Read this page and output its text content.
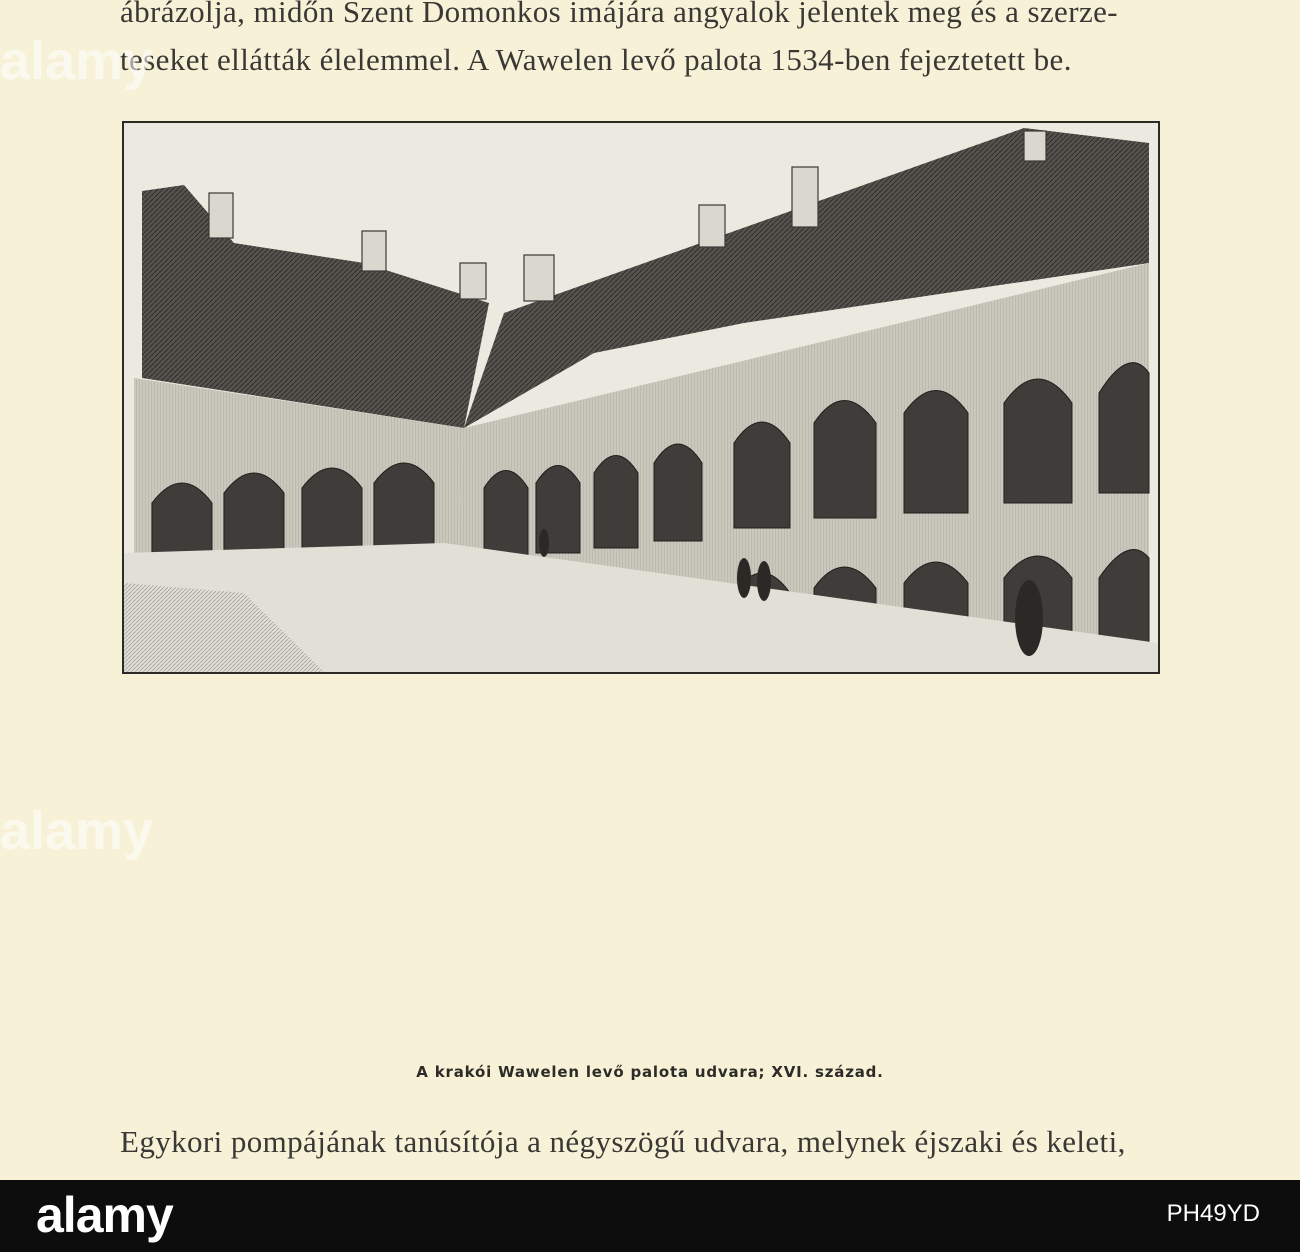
ábrázolja, midőn Szent Domonkos imájára angyalok jelentek meg és a szerze-
teseket ellátták élelemmel. A Wawelen levő palota 1534-ben fejeztetett be.
A krakói Wawelen levő palota udvara; XVI. század.
Egykori pompájának tanúsítója a négyszögű udvara, melynek éjszaki és keleti,
alamy
alamy
alamy	PH49YD
